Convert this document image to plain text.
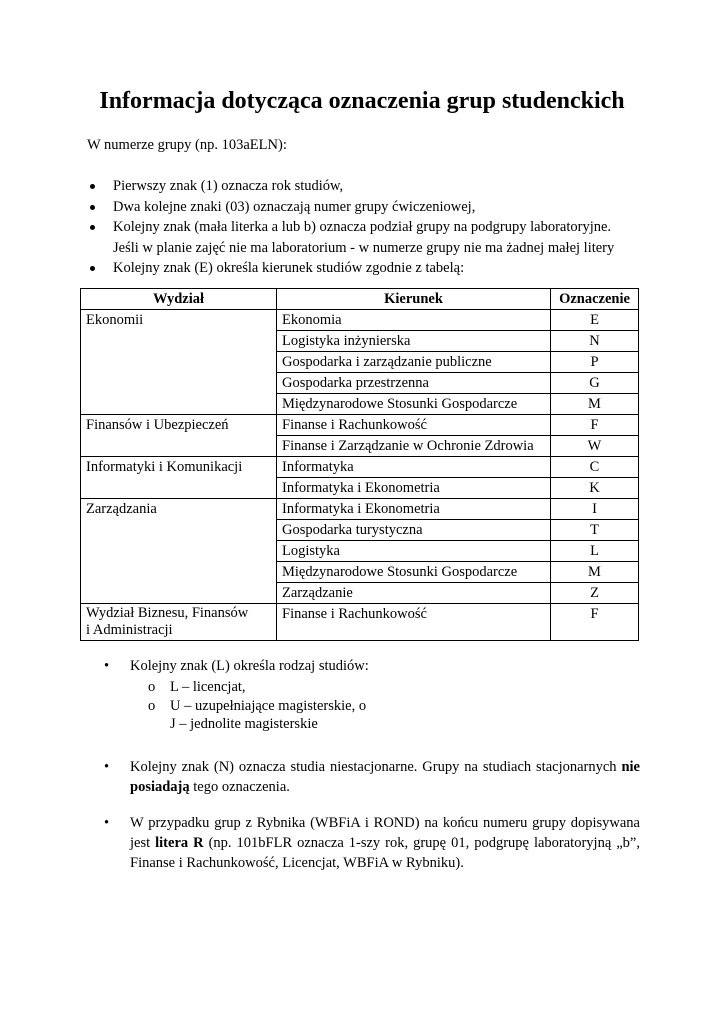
Informacja dotycząca oznaczenia grup studenckich

W numerze grupy (np. 103aELN):

Pierwszy znak (1) oznacza rok studiów,
Dwa kolejne znaki (03) oznaczają numer grupy ćwiczeniowej,
Kolejny znak (mała literka a lub b) oznacza podział grupy na podgrupy laboratoryjne.
Jeśli w planie zajęć nie ma laboratorium - w numerze grupy nie ma żadnej małej litery
Kolejny znak (E) określa kierunek studiów zgodnie z tabelą:
Wydział	Kierunek	Oznaczenie
Ekonomii	Ekonomia	E
	Logistyka inżynierska	N
	Gospodarka i zarządzanie publiczne	P
	Gospodarka przestrzenna	G
	Międzynarodowe Stosunki Gospodarcze	M
Finansów i Ubezpieczeń	Finanse i Rachunkowość	F
	Finanse i Zarządzanie w Ochronie Zdrowia	W
Informatyki i Komunikacji	Informatyka	C
	Informatyka i Ekonometria	K
Zarządzania	Informatyka i Ekonometria	I
	Gospodarka turystyczna	T
	Logistyka	L
	Międzynarodowe Stosunki Gospodarcze	M
	Zarządzanie	Z
Wydział Biznesu, Finansów
i Administracji	Finanse i Rachunkowość	F
• Kolejny znak (L) określa rodzaj studiów:
o L – licencjat,
o U – uzupełniające magisterskie, o
J – jednolite magisterskie

•	Kolejny znak (N) oznacza studia niestacjonarne. Grupy na studiach stacjonarnych nie posiadają tego oznaczenia.

•	W przypadku grup z Rybnika (WBFiA i ROND) na końcu numeru grupy dopisywana jest litera R (np. 101bFLR oznacza 1-szy rok, grupę 01, podgrupę laboratoryjną „b”, Finanse i Rachunkowość, Licencjat, WBFiA w Rybniku).
